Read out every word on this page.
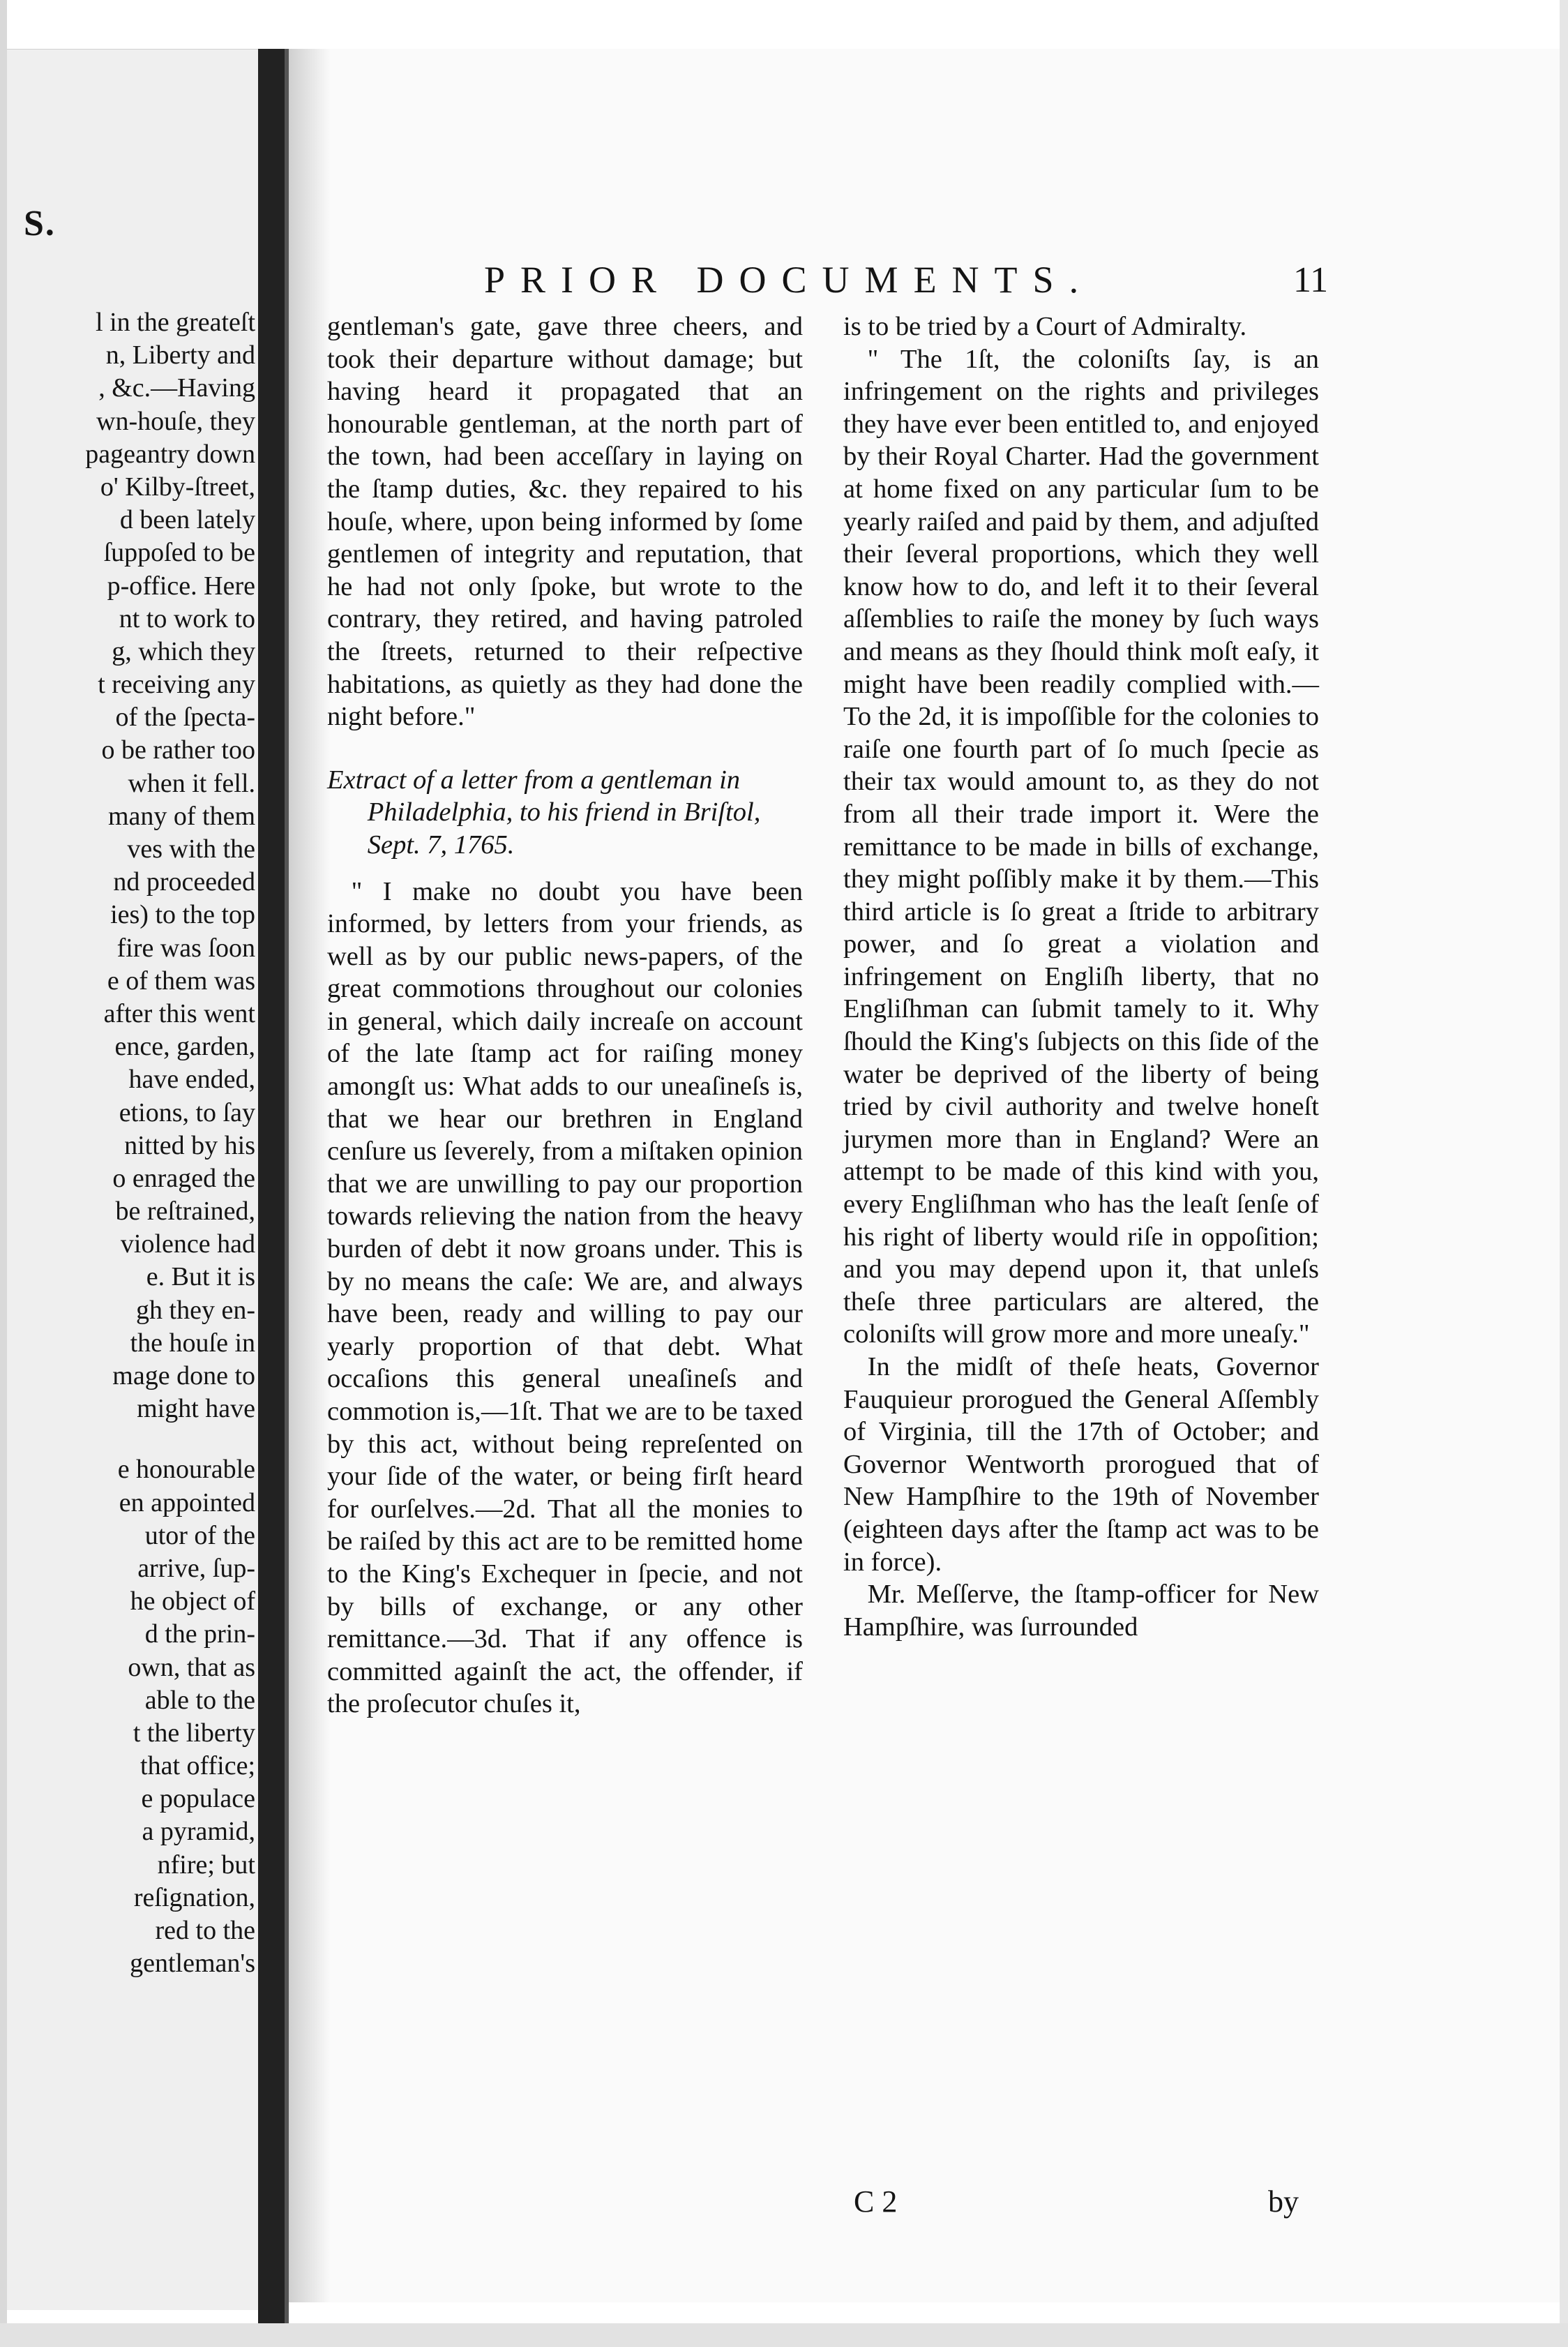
S.
l in the greateſt
n, Liberty and
, &c.—Having
wn-houſe, they
pageantry down
o' Kilby-ſtreet,
d been lately
ſuppoſed to be
p-office. Here
nt to work to
g, which they
t receiving any
of the ſpecta-
o be rather too
when it fell.
many of them
ves with the
nd proceeded
ies) to the top
fire was ſoon
e of them was
after this went
ence, garden,
have ended,
etions, to ſay
nitted by his
o enraged the
be reſtrained,
violence had
e. But it is
gh they en-
the houſe in
mage done to
might have
e honourable
en appointed
utor of the
arrive, ſup-
he object of
d the prin-
own, that as
able to the
t the liberty
that office;
e populace
a pyramid,
nfire; but
reſignation,
red to the
gentleman's
PRIOR DOCUMENTS.	11

gentleman's gate, gave three cheers, and took their departure without damage; but having heard it propagated that an honourable gentleman, at the north part of the town, had been acceſſary in laying on the ſtamp duties, &c. they repaired to his houſe, where, upon being informed by ſome gentlemen of integrity and reputation, that he had not only ſpoke, but wrote to the contrary, they retired, and having patroled the ſtreets, returned to their reſpective habitations, as quietly as they had done the night before."

Extract of a letter from a gentleman in Philadelphia, to his friend in Briſtol, Sept. 7, 1765.

" I make no doubt you have been informed, by letters from your friends, as well as by our public news-papers, of the great commotions throughout our colonies in general, which daily increaſe on account of the late ſtamp act for raiſing money amongſt us: What adds to our uneaſineſs is, that we hear our brethren in England cenſure us ſeverely, from a miſtaken opinion that we are unwilling to pay our proportion towards relieving the nation from the heavy burden of debt it now groans under. This is by no means the caſe: We are, and always have been, ready and willing to pay our yearly proportion of that debt. What occaſions this general uneaſineſs and commotion is,—1ſt. That we are to be taxed by this act, without being repreſented on your ſide of the water, or being firſt heard for ourſelves.—2d. That all the monies to be raiſed by this act are to be remitted home to the King's Exchequer in ſpecie, and not by bills of exchange, or any other remittance.—3d. That if any offence is committed againſt the act, the offender, if the proſecutor chuſes it,

is to be tried by a Court of Admiralty.

" The 1ſt, the coloniſts ſay, is an infringement on the rights and privileges they have ever been entitled to, and enjoyed by their Royal Charter. Had the government at home fixed on any particular ſum to be yearly raiſed and paid by them, and adjuſted their ſeveral proportions, which they well know how to do, and left it to their ſeveral aſſemblies to raiſe the money by ſuch ways and means as they ſhould think moſt eaſy, it might have been readily complied with.—To the 2d, it is impoſſible for the colonies to raiſe one fourth part of ſo much ſpecie as their tax would amount to, as they do not from all their trade import it. Were the remittance to be made in bills of exchange, they might poſſibly make it by them.—This third article is ſo great a ſtride to arbitrary power, and ſo great a violation and infringement on Engliſh liberty, that no Engliſhman can ſubmit tamely to it. Why ſhould the King's ſubjects on this ſide of the water be deprived of the liberty of being tried by civil authority and twelve honeſt jurymen more than in England? Were an attempt to be made of this kind with you, every Engliſhman who has the leaſt ſenſe of his right of liberty would riſe in oppoſition; and you may depend upon it, that unleſs theſe three particulars are altered, the coloniſts will grow more and more uneaſy."

In the midſt of theſe heats, Governor Fauquieur prorogued the General Aſſembly of Virginia, till the 17th of October; and Governor Wentworth prorogued that of New Hampſhire to the 19th of November (eighteen days after the ſtamp act was to be in force).

Mr. Meſſerve, the ſtamp-officer for New Hampſhire, was ſurrounded

C 2	by
